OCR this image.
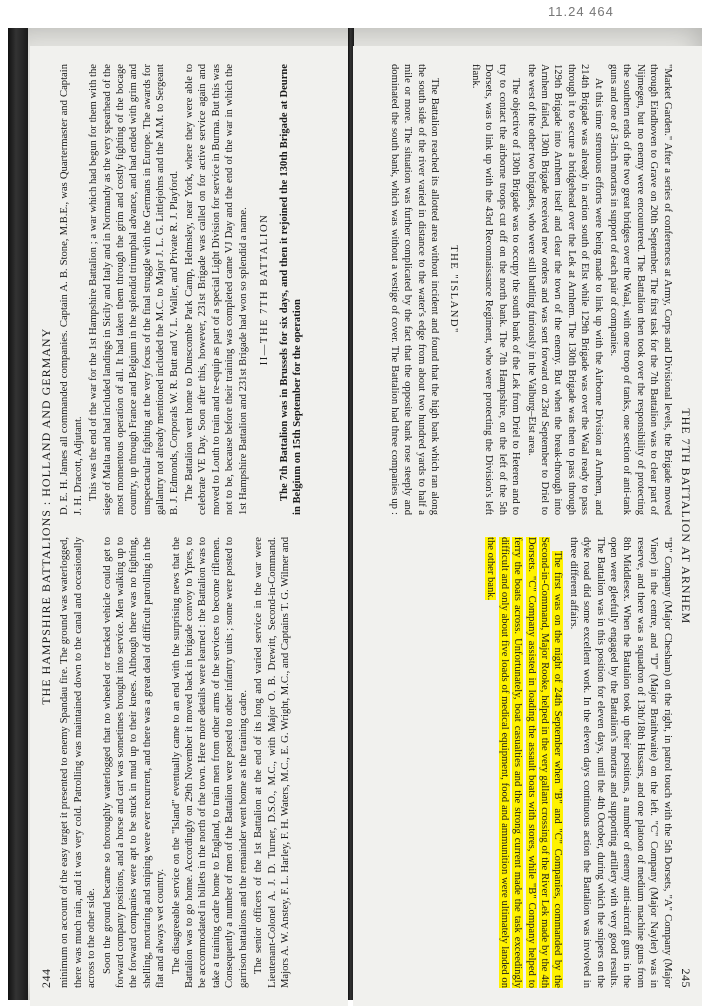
11.24 464
244
THE HAMPSHIRE BATTALIONS : HOLLAND AND GERMANY

minimum on account of the easy target it presented to enemy Spandau fire. The ground was waterlogged, there was much rain, and it was very cold. Patrolling was maintained down to the canal and occasionally across to the other side. Soon the ground became so thoroughly waterlogged that no wheeled or tracked vehicle could get to forward company positions, and a horse and cart was sometimes brought into service. Men walking up to the forward companies were apt to be stuck in mud up to their knees. Although there was no fighting, shelling, mortaring and sniping were ever recurrent, and there was a great deal of difficult patrolling in the flat and always wet country. The disagreeable service on the "Island" eventually came to an end with the surprising news that the Battalion was to go home. Accordingly on 29th November it moved back in brigade convoy to Ypres, to be accommodated in billets in the north of the town. Here more details were learned : the Battalion was to take a training cadre home to England, to train men from other arms of the services to become riflemen. Consequently a number of men of the Battalion were posted to other infantry units ; some were posted to garrison battalions and the remainder went home as the training cadre. The senior officers of the 1st Battalion at the end of its long and varied service in the war were Lieutenant-Colonel A. J. D. Turner, D.S.O., M.C., with Major O. B. Drewitt, Second-in-Command. Majors A. W. Anstey, F. L. Harley, F. H. Waters, M.C., E. G. Wright, M.C., and Captains T. G. Wilmer and D. E. H. James all commanded companies. Captain A. B. Stone, M.B.E., was Quartermaster and Captain J. H. Dracott, Adjutant. This was the end of the war for the 1st Hampshire Battalion ; a war which had begun for them with the siege of Malta and had included landings in Sicily and Italy and in Normandy as the very spearhead of the most momentous operation of all. It had taken them through the grim and costly fighting of the bocage country, up through France and Belgium in the splendid triumphal advance, and had ended with grim and unspectacular fighting at the very focus of the final struggle with the Germans in Europe. The awards for gallantry not already mentioned included the M.C. to Major J. L. G. Littlejohns and the M.M. to Sergeant B. J. Edmonds, Corporals W. R. Butt and V. L. Waller, and Private R. J. Playford. The Battalion went home to Dunscombe Park Camp, Helmsley, near York, where they were able to celebrate VE Day. Soon after this, however, 231st Brigade was called on for active service again and moved to Louth to train and re-equip as part of a special Light Division for service in Burma. But this was not to be, because before their training was completed came VJ Day and the end of the war in which the 1st Hampshire Battalion and 231st Brigade had won so splendid a name. II—THE 7TH BATTALION The 7th Battalion was in Brussels for six days, and then it rejoined the 130th Brigade at Deurne in Belgium on 15th September for the operation

THE 7TH BATTALION AT ARNHEM
245

"Market Garden." After a series of conferences at Army, Corps and Divisional levels, the Brigade moved through Eindhoven to Grave on 20th September. The first task for the 7th Battalion was to clear part of Nijmegen, but no enemy were encountered. The Battalion then took over the responsibility of protecting the southern ends of the two great bridges over the Waal, with one troop of tanks, one section of anti-tank guns and one of 3-inch mortars in support of each pair of companies.

At this time strenuous efforts were being made to link up with the Airborne Division at Arnhem, and 214th Brigade was already in action south of Elst while 129th Brigade was over the Waal ready to pass through it to secure a bridgehead over the Lek at Arnhem. The 130th Brigade was then to pass through 129th Brigade into Arnhem itself and clear the town of the enemy. But when the break-through into Arnhem failed, 130th Brigade received new orders and was sent forward on 23rd September to Driel to the west of the other two brigades, who were still battling furiously in the Valburg–Elst area.

The objective of 130th Brigade was to occupy the south bank of the Lek from Driel to Heteren and to try to contact the airborne troops cut off on the north bank. The 7th Hampshire, on the left of the 5th Dorsets, was to link up with the 43rd Reconnaissance Regiment, who were protecting the Division's left flank.

THE "ISLAND"

The Battalion reached its allotted area without incident and found that the high bank which ran along the south side of the river varied in distance to the water's edge from about two hundred yards to half a mile or more. The situation was further complicated by the fact that the opposite bank rose steeply and dominated the south bank, which was without a vestige of cover. The Battalion had three companies up : "B" Company (Major Chesham) on the right, in patrol touch with the 5th Dorsets, "A" Company (Major Viner) in the centre, and "D" (Major Braithwaite) on the left. "C" Company (Major Nayler) was in reserve, and there was a squadron of 13th/18th Hussars, and one platoon of medium machine guns from 8th Middlesex. When the Battalion took up their positions, a number of enemy anti-aircraft guns in the open were gleefully engaged by the Battalion's mortars and supporting artillery with very good results. The Battalion was in this position for eleven days, until the 4th October, during which the snipers on the dyke road did some excellent work. In the eleven days continuous action the Battalion was involved in three different affairs.

The first was on the night of 24th September when "B" and "C" Companies, commanded by the Second-in-Command, Major Rooke, helped in the very gallant crossing of the River Lek made by the 4th Dorsets. "C" Company assisted in loading the assault boats with stores, while "B" Company helped to ferry the boats across. Unfortunately, boat casualties and the strong current made the task exceedingly difficult and only about five loads of medical equipment, food and ammunition were ultimately landed on the other bank.
